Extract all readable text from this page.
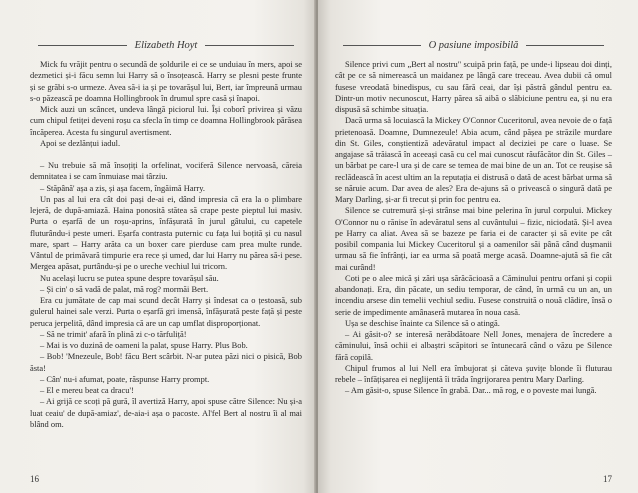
Elizabeth Hoyt

Mick fu vrăjit pentru o secundă de șoldurile ei ce se unduiau în mers, apoi se dezmetici și-i făcu semn lui Harry să o însoțească. Harry se plesni peste frunte și se grăbi s-o urmeze. Avea să-i ia și pe tovarășul lui, Bert, iar împreună urmau s-o păzească pe doamna Hollingbrook în drumul spre casă și înapoi.

Mick auzi un scâncet, undeva lângă piciorul lui. Își coborî privirea și văzu cum chipul fetiței deveni roșu ca sfecla în timp ce doamna Hollingbrook părăsea încăperea. Acesta fu singurul avertisment.

Apoi se dezlănțui iadul.

– Nu trebuie să mă însoțiți la orfelinat, vociferă Silence nervoasă, căreia demnitatea i se cam înmuiase mai târziu.

– Stăpână' așa a zis, și așa facem, îngăimă Harry.

Un pas al lui era cât doi pași de-ai ei, dând impresia că era la o plimbare lejeră, de după-amiază. Haina ponosită stătea să crape peste pieptul lui masiv. Purta o eșarfă de un roșu-aprins, înfășurată în jurul gâtului, cu capetele fluturându-i peste umeri. Eșarfa contrasta puternic cu fața lui boțită și cu nasul mare, spart – Harry arăta ca un boxer care pierduse cam prea multe runde. Vântul de primăvară timpurie era rece și umed, dar lui Harry nu părea să-i pese. Mergea apăsat, purtându-și pe o ureche vechiul lui tricorn.

Nu același lucru se putea spune despre tovarășul său.

– Și cin' o să vadă de palat, mă rog? mormăi Bert.

Era cu jumătate de cap mai scund decât Harry și îndesat ca o țestoasă, sub gulerul hainei sale verzi. Purta o eșarfă gri imensă, înfășurată peste față și peste peruca jerpelită, dând impresia că are un cap umflat disproporționat.

– Să ne trimit' afară în plină zi c-o tărfuliță!

– Mai is vo duzină de oameni la palat, spuse Harry. Plus Bob.

– Bob! 'Mnezeule, Bob! făcu Bert scârbit. N-ar putea păzi nici o pisică, Bob ăsta!

– Cân' nu-i afumat, poate, răspunse Harry prompt.

– El e mereu beat ca dracu'!

– Ai grijă ce scoți pă gură, îl avertiză Harry, apoi spuse către Silence: Nu și-a luat ceaiu' de după-amiaz', de-aia-i așa o pacoste. Al'fel Bert al nostru îi al mai blând om.

16
O pasiune imposibilă

Silence privi cum „Bert al nostru" scuipă prin față, pe unde-i lipseau doi dinți, cât pe ce să nimerească un maidanez pe lângă care treceau. Avea dubii că omul fusese vreodată binedispus, cu sau fără ceai, dar își păstră gândul pentru ea. Dintr-un motiv necunoscut, Harry părea să aibă o slăbiciune pentru ea, și nu era dispusă să schimbe situația.

Dacă urma să locuiască la Mickey O'Connor Cuceritorul, avea nevoie de o față prietenoasă. Doamne, Dumnezeule! Abia acum, când pășea pe străzile murdare din St. Giles, conștientiză adevăratul impact al deciziei pe care o luase. Se angajase să trăiască în aceeași casă cu cel mai cunoscut răufăcător din St. Giles – un bărbat pe care-l ura și de care se temea de mai bine de un an. Tot ce reușise să reclădească în acest ultim an la reputația ei distrusă o dată de acest bărbat urma să se năruie acum. Dar avea de ales? Era de-ajuns să o privească o singură dată pe Mary Darling, și-ar fi trecut și prin foc pentru ea.

Silence se cutremură și-și strânse mai bine pelerina în jurul corpului. Mickey O'Connor nu o rănise în adevăratul sens al cuvântului – fizic, niciodată. Și-l avea pe Harry ca aliat. Avea să se bazeze pe faria ei de caracter și să evite pe cât posibil compania lui Mickey Cuceritorul și a oamenilor săi până când dușmanii urmau să fie înfrânți, iar ea urma să poată merge acasă. Doamne-ajută să fie cât mai curând!

Coti pe o alee mică și zări ușa sărăcăcioasă a Căminului pentru orfani și copii abandonați. Era, din păcate, un sediu temporar, de când, în urmă cu un an, un incendiu arsese din temelii vechiul sediu. Fusese construită o nouă clădire, însă o serie de impedimente amânaseră mutarea în noua casă.

Ușa se deschise înainte ca Silence să o atingă.

– Ai găsit-o? se interesă nerăbdătoare Nell Jones, menajera de încredere a căminului, însă ochii ei albaștri scăpitori se întunecară când o văzu pe Silence fără copilă.

Chipul frumos al lui Nell era îmbujorat și căteva șuvițe blonde îi fluturau rebele – înfățișarea ei neglijentă îi trăda îngrijorarea pentru Mary Darling.

– Am găsit-o, spuse Silence în grabă. Dar... mă rog, e o poveste mai lungă.

17
